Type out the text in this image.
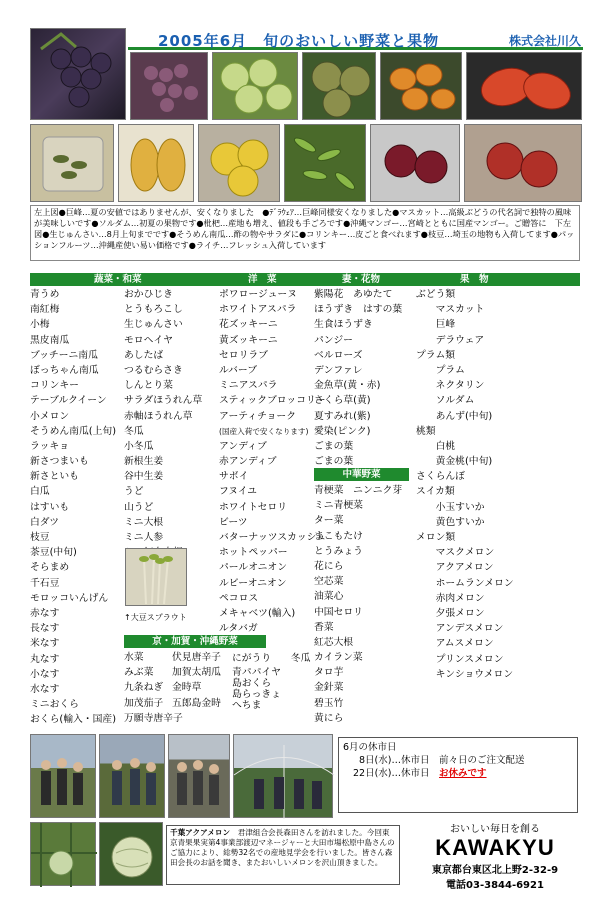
2005年6月　旬のおいしい野菜と果物	株式会社川久
左上図●巨峰…夏の安値ではありませんが、安くなりました　●ﾃﾞﾗｳｪｱ…巨峰同様安くなりました●マスカット…高級ぶどうの代名詞で独特の風味が美味しいです●ソルダム…初夏の果物です●枇杷…産地も増え、値段も手ごろです●沖縄マンゴー…宮崎とともに国産マンゴー。ご贈答に　下左図●生じゅんさい…8月上旬までです●そうめん南瓜…酢の物やサラダに●コリンキー…皮ごと食べれます●枝豆…埼玉の地物も入荷してます●パッションフルーツ…沖縄産使い易い価格です●ライチ…フレッシュ入荷しています
蔬菜・和菜	洋　菜	妻・花物	果　物
青うめ
南紅梅
小梅
黒皮南瓜
ブッチーニ南瓜
ぼっちゃん南瓜
コリンキー
テーブルクイーン
小メロン
そうめん南瓜(上旬)
ラッキョ
新さつまいも
新さといも
白瓜
はすいも
白ダツ
枝豆
茶豆(中旬)
そらまめ
千石豆
モロッコいんげん
赤なす
長なす
米なす
丸なす
小なす
水なす
ミニおくら
おくら(輸入・国産)
おかひじき
とうもろこし
生じゅんさい
モロヘイヤ
あしたば
つるむらさき
しんとり菜
サラダほうれん草
赤軸ほうれん草
冬瓜
小冬瓜
新根生姜
谷中生姜
うど
山うど
ミニ大根
ミニ人参
↑大豆スプラウト
京・加賀・沖縄野菜
水菜	伏見唐辛子
みぶ菜 加賀太胡瓜
九条ねぎ 金時草
加茂茄子 五郎島金時
万願寺唐辛子
にがうり　　冬瓜
青パパイヤ
島おくら
島らっきょ
へちま
ポワロージューヌ
ホワイトアスパラ
花ズッキーニ
黄ズッキーニ
セロリラブ
ルバーブ
ミニアスパラ
スティックブロッコリー
アーティチョーク
(国産入荷で安くなります)
アンディブ
赤アンディブ
サボイ
フヌイユ
ホワイトセロリ
ビーツ
バターナッツスカッシュ
ホットペッパー
パールオニオン
ルビーオニオン
ペコロス
メキャベツ(輸入)
ルタバガ
紫陽花　あゆたて
ほうずき　はすの葉
生食ほうずき
パンジー
ベルローズ
デンファレ
金魚草(黄・赤)
さくら草(黄)
夏すみれ(紫)
愛染(ピンク)
ごまの葉
ごまの葉
中華野菜
青梗菜　ニンニク芽
ミニ青梗菜
ター菜
まこもたけ
とうみょう
花にら
空芯菜
油菜心
中国セロリ
香菜
紅芯大根
カイラン菜
タロ芋
金針菜
碧玉竹
黄にら
ぶどう類
　　マスカット
　　巨峰
　　デラウェア
プラム類
　　プラム
　　ネクタリン
　　ソルダム
　　あんず(中旬)
桃類
　　白桃
　　黄金桃(中旬)
さくらんぼ
スイカ類
　　小玉すいか
　　黄色すいか
メロン類
　　マスクメロン
　　アクアメロン
　　ホームランメロン
　　赤肉メロン
　　夕張メロン
　　アンデスメロン
　　アムスメロン
　　プリンスメロン
　　キンショウメロン
6月の休市日
8日(水)…休市日　前々日のご注文配送
22日(水)…休市日　 お休みです
千葉アクアメロン　 君津組合会長森田さんを訪れました。今回東京青果果実第4事業部渡辺マネージャーと大田市場松原中島さんのご協力により、総勢32名での産地見学会を行いました。皆さん森田会長のお話を聞き、またおいしいメロンを沢山頂きました。
おいしい毎日を創る
KAWAKYU
東京都台東区北上野2-32-9
電話03-3844-6921
